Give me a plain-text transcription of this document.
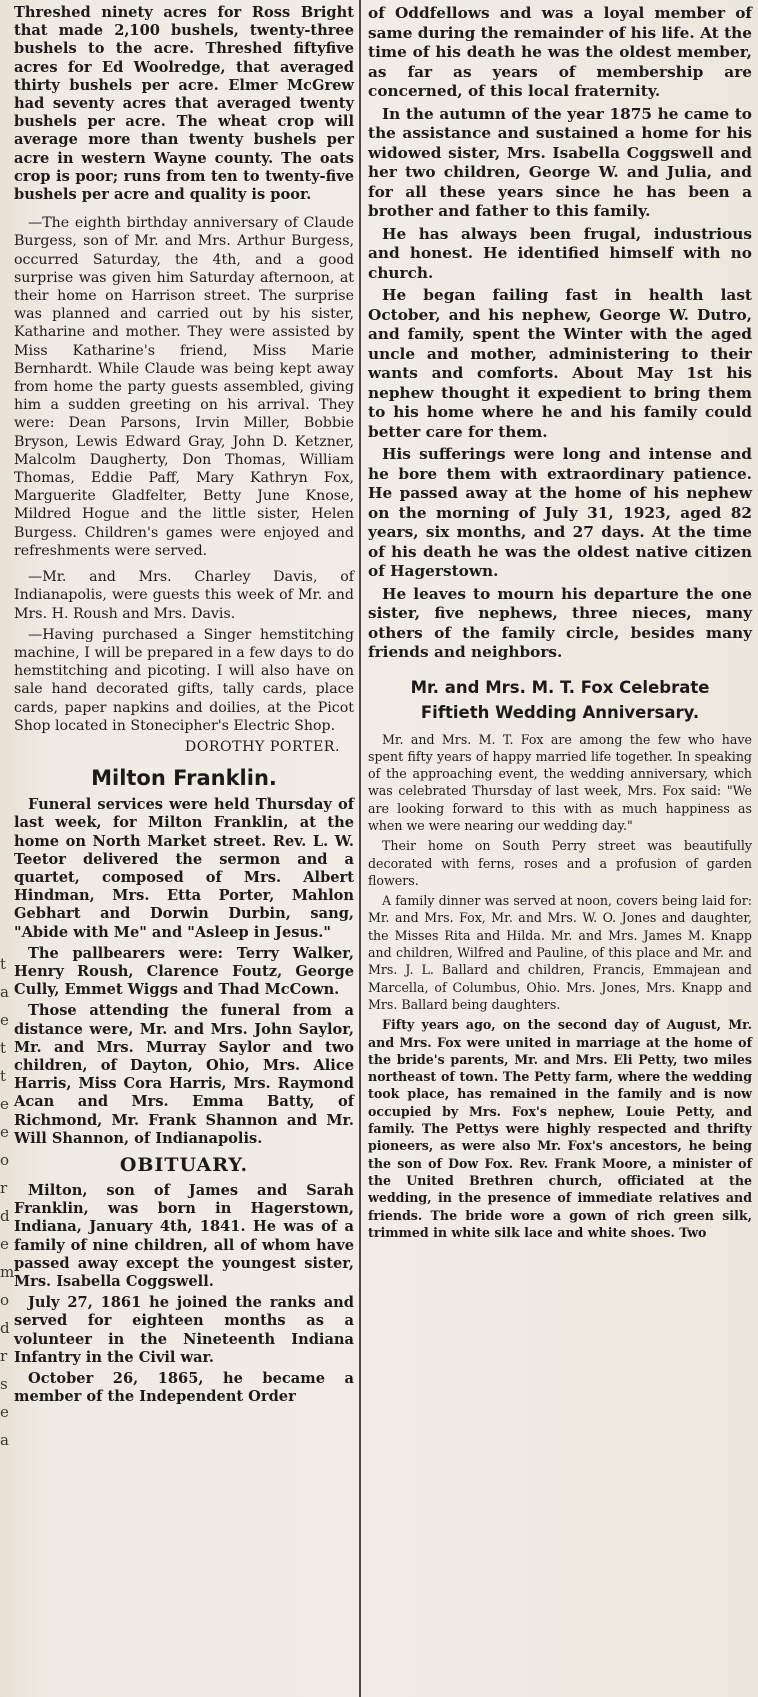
t
a
e
t
t
e
e
o
r
d
e
m
o
d
r
s
e
a

Threshed ninety acres for Ross Bright that made 2,100 bushels, twenty-three bushels to the acre. Threshed fiftyfive acres for Ed Woolredge, that averaged thirty bushels per acre. Elmer McGrew had seventy acres that averaged twenty bushels per acre. The wheat crop will average more than twenty bushels per acre in western Wayne county. The oats crop is poor; runs from ten to twenty-five bushels per acre and quality is poor.

—The eighth birthday anniversary of Claude Burgess, son of Mr. and Mrs. Arthur Burgess, occurred Saturday, the 4th, and a good surprise was given him Saturday afternoon, at their home on Harrison street. The surprise was planned and carried out by his sister, Katharine and mother. They were assisted by Miss Katharine's friend, Miss Marie Bernhardt. While Claude was being kept away from home the party guests assembled, giving him a sudden greeting on his arrival. They were: Dean Parsons, Irvin Miller, Bobbie Bryson, Lewis Edward Gray, John D. Ketzner, Malcolm Daugherty, Don Thomas, William Thomas, Eddie Paff, Mary Kathryn Fox, Marguerite Gladfelter, Betty June Knose, Mildred Hogue and the little sister, Helen Burgess. Children's games were enjoyed and refreshments were served.

—Mr. and Mrs. Charley Davis, of Indianapolis, were guests this week of Mr. and Mrs. H. Roush and Mrs. Davis.

—Having purchased a Singer hemstitching machine, I will be prepared in a few days to do hemstitching and picoting. I will also have on sale hand decorated gifts, tally cards, place cards, paper napkins and doilies, at the Picot Shop located in Stonecipher's Electric Shop.

DOROTHY PORTER.

Milton Franklin.

Funeral services were held Thursday of last week, for Milton Franklin, at the home on North Market street. Rev. L. W. Teetor delivered the sermon and a quartet, composed of Mrs. Albert Hindman, Mrs. Etta Porter, Mahlon Gebhart and Dorwin Durbin, sang, "Abide with Me" and "Asleep in Jesus."

The pallbearers were: Terry Walker, Henry Roush, Clarence Foutz, George Cully, Emmet Wiggs and Thad McCown.

Those attending the funeral from a distance were, Mr. and Mrs. John Saylor, Mr. and Mrs. Murray Saylor and two children, of Dayton, Ohio, Mrs. Alice Harris, Miss Cora Harris, Mrs. Raymond Acan and Mrs. Emma Batty, of Richmond, Mr. Frank Shannon and Mr. Will Shannon, of Indianapolis.

OBITUARY.

Milton, son of James and Sarah Franklin, was born in Hagerstown, Indiana, January 4th, 1841. He was of a family of nine children, all of whom have passed away except the youngest sister, Mrs. Isabella Coggswell.

July 27, 1861 he joined the ranks and served for eighteen months as a volunteer in the Nineteenth Indiana Infantry in the Civil war.

October 26, 1865, he became a member of the Independent Order

of Oddfellows and was a loyal member of same during the remainder of his life. At the time of his death he was the oldest member, as far as years of membership are concerned, of this local fraternity.

In the autumn of the year 1875 he came to the assistance and sustained a home for his widowed sister, Mrs. Isabella Coggswell and her two children, George W. and Julia, and for all these years since he has been a brother and father to this family.

He has always been frugal, industrious and honest. He identified himself with no church.

He began failing fast in health last October, and his nephew, George W. Dutro, and family, spent the Winter with the aged uncle and mother, administering to their wants and comforts. About May 1st his nephew thought it expedient to bring them to his home where he and his family could better care for them.

His sufferings were long and intense and he bore them with extraordinary patience. He passed away at the home of his nephew on the morning of July 31, 1923, aged 82 years, six months, and 27 days. At the time of his death he was the oldest native citizen of Hagerstown.

He leaves to mourn his departure the one sister, five nephews, three nieces, many others of the family circle, besides many friends and neighbors.

Mr. and Mrs. M. T. Fox Celebrate
Fiftieth Wedding Anniversary.

Mr. and Mrs. M. T. Fox are among the few who have spent fifty years of happy married life together. In speaking of the approaching event, the wedding anniversary, which was celebrated Thursday of last week, Mrs. Fox said: "We are looking forward to this with as much happiness as when we were nearing our wedding day."

Their home on South Perry street was beautifully decorated with ferns, roses and a profusion of garden flowers.

A family dinner was served at noon, covers being laid for: Mr. and Mrs. Fox, Mr. and Mrs. W. O. Jones and daughter, the Misses Rita and Hilda. Mr. and Mrs. James M. Knapp and children, Wilfred and Pauline, of this place and Mr. and Mrs. J. L. Ballard and children, Francis, Emmajean and Marcella, of Columbus, Ohio. Mrs. Jones, Mrs. Knapp and Mrs. Ballard being daughters.

Fifty years ago, on the second day of August, Mr. and Mrs. Fox were united in marriage at the home of the bride's parents, Mr. and Mrs. Eli Petty, two miles northeast of town. The Petty farm, where the wedding took place, has remained in the family and is now occupied by Mrs. Fox's nephew, Louie Petty, and family. The Pettys were highly respected and thrifty pioneers, as were also Mr. Fox's ancestors, he being the son of Dow Fox. Rev. Frank Moore, a minister of the United Brethren church, officiated at the wedding, in the presence of immediate relatives and friends. The bride wore a gown of rich green silk, trimmed in white silk lace and white shoes. Two
